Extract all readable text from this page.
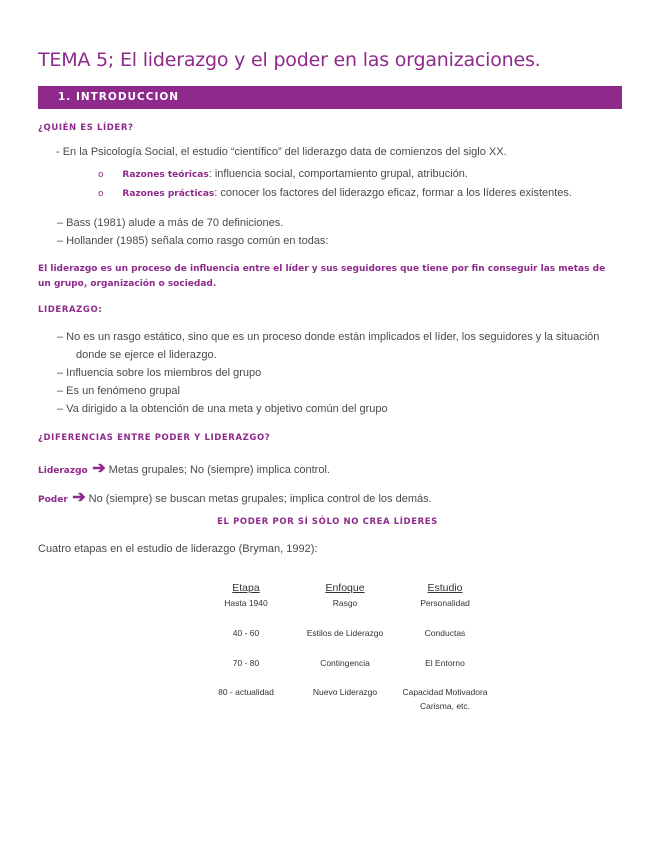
TEMA 5; El liderazgo y el poder en las organizaciones.
1. INTRODUCCION
¿QUIÉN ES LÍDER?
- En la Psicología Social, el estudio “científico” del liderazgo data de comienzos del siglo XX.
o Razones teóricas: influencia social, comportamiento grupal, atribución.
o Razones prácticas: conocer los factores del liderazgo eficaz, formar a los líderes existentes.
– Bass (1981) alude a más de 70 definiciones.
– Hollander (1985) señala como rasgo común en todas:
El liderazgo es un proceso de influencia entre el líder y sus seguidores que tiene por fin conseguir las metas de un grupo, organización o sociedad.
LIDERAZGO:
– No es un rasgo estático, sino que es un proceso donde están implicados el líder, los seguidores y la situación
donde se ejerce el liderazgo.
– Influencia sobre los miembros del grupo
– Es un fenómeno grupal
– Va dirigido a la obtención de una meta y objetivo común del grupo
¿DIFERENCIAS ENTRE PODER Y LIDERAZGO?
Liderazgo ➔ Metas grupales; No (siempre) implica control.
Poder ➔ No (siempre) se buscan metas grupales; implica control de los demás.
EL PODER POR SÍ SÓLO NO CREA LÍDERES
Cuatro etapas en el estudio de liderazgo (Bryman, 1992):
Etapa	Enfoque	Estudio
Hasta 1940	Rasgo	Personalidad
40 - 60	Estilos de Liderazgo	Conductas
70 - 80	Contingencia	El Entorno
80 - actualidad	Nuevo Liderazgo	Capacidad Motivadora
Carisma, etc.
